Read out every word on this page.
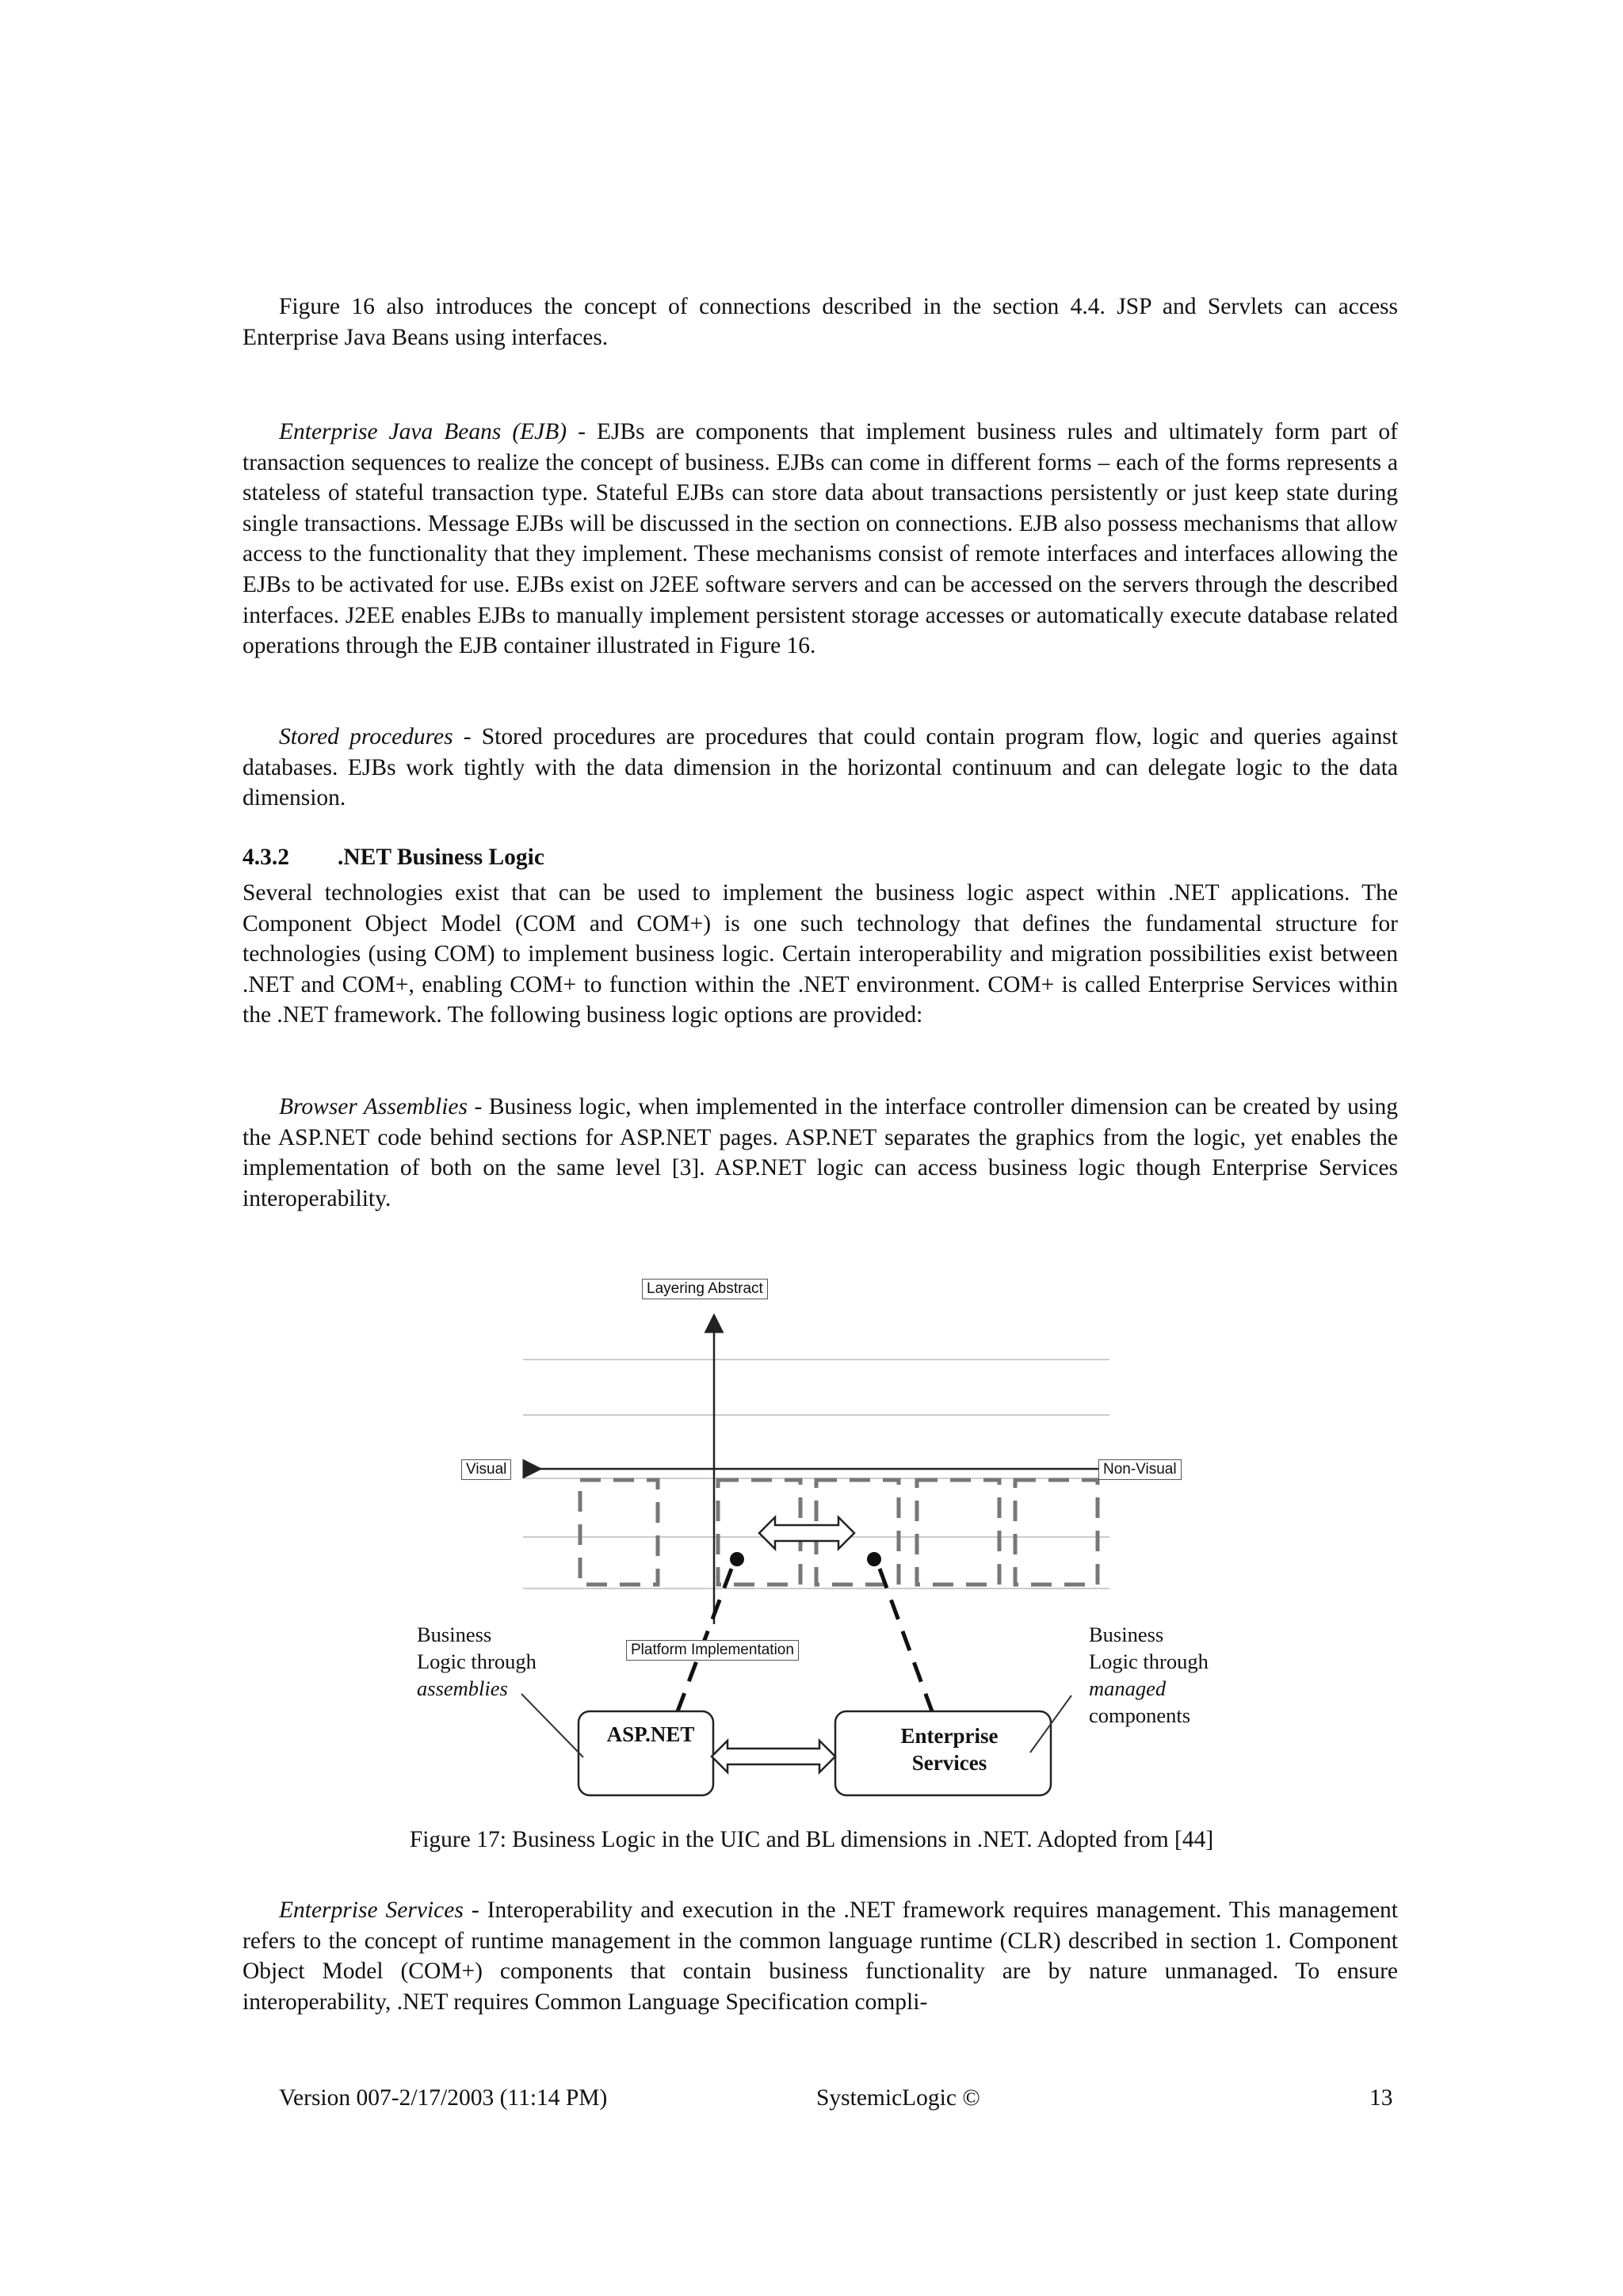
Figure 16 also introduces the concept of connections described in the section 4.4. JSP and Servlets can access Enterprise Java Beans using interfaces.

Enterprise Java Beans (EJB) - EJBs are components that implement business rules and ultimately form part of transaction sequences to realize the concept of business. EJBs can come in different forms – each of the forms represents a stateless of stateful transaction type. Stateful EJBs can store data about transactions persistently or just keep state during single transactions. Message EJBs will be discussed in the section on connections. EJB also possess mechanisms that allow access to the functionality that they implement. These mechanisms consist of remote interfaces and interfaces allowing the EJBs to be activated for use. EJBs exist on J2EE software servers and can be accessed on the servers through the described interfaces. J2EE enables EJBs to manually implement persistent storage accesses or automatically execute database related operations through the EJB container illustrated in Figure 16.

Stored procedures - Stored procedures are procedures that could contain program flow, logic and queries against databases. EJBs work tightly with the data dimension in the horizontal continuum and can delegate logic to the data dimension.

4.3.2 .NET Business Logic

Several technologies exist that can be used to implement the business logic aspect within .NET applications. The Component Object Model (COM and COM+) is one such technology that defines the fundamental structure for technologies (using COM) to implement business logic. Certain interoperability and migration possibilities exist between .NET and COM+, enabling COM+ to function within the .NET environment. COM+ is called Enterprise Services within the .NET framework. The following business logic options are provided:

Browser Assemblies - Business logic, when implemented in the interface controller dimension can be created by using the ASP.NET code behind sections for ASP.NET pages. ASP.NET separates the graphics from the logic, yet enables the implementation of both on the same level [3]. ASP.NET logic can access business logic though Enterprise Services interoperability.

Layering Abstract
Visual	Non-Visual
Platform Implementation
Business
Logic through
assemblies
Business
Logic through
managed
components
ASP.NET	Enterprise
Services
Figure 17: Business Logic in the UIC and BL dimensions in .NET. Adopted from [44]

Enterprise Services - Interoperability and execution in the .NET framework requires management. This management refers to the concept of runtime management in the common language runtime (CLR) described in section 1. Component Object Model (COM+) components that contain business functionality are by nature unmanaged. To ensure interoperability, .NET requires Common Language Specification compli-

Version 007-2/17/2003 (11:14 PM)	SystemicLogic ©	13
